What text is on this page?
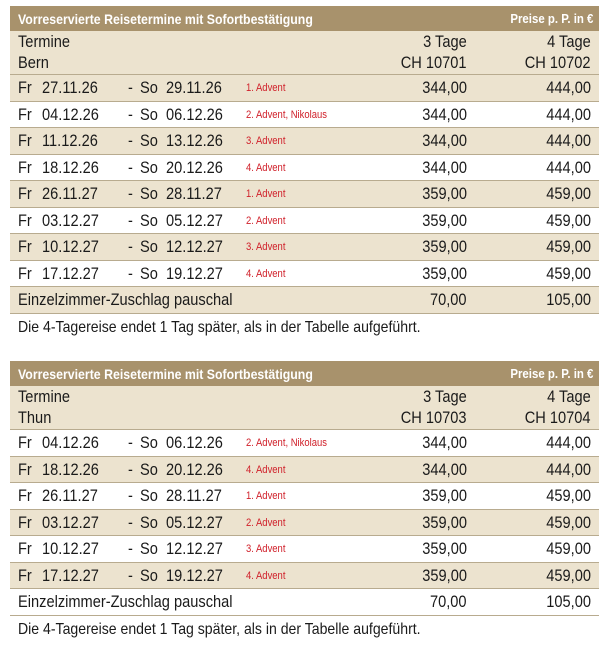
Vorreservierte Reisetermine mit Sofortbestätigung	Preise p. P. in €
Termine	3 Tage	4 Tage
Bern	CH 10701	CH 10702
Fr 27.11.26 - So 29.11.26 1. Advent	344,00	444,00
Fr 04.12.26 - So 06.12.26 2. Advent, Nikolaus	344,00	444,00
Fr 11.12.26 - So 13.12.26 3. Advent	344,00	444,00
Fr 18.12.26 - So 20.12.26 4. Advent	344,00	444,00
Fr 26.11.27 - So 28.11.27 1. Advent	359,00	459,00
Fr 03.12.27 - So 05.12.27 2. Advent	359,00	459,00
Fr 10.12.27 - So 12.12.27 3. Advent	359,00	459,00
Fr 17.12.27 - So 19.12.27 4. Advent	359,00	459,00
Einzelzimmer-Zuschlag pauschal	70,00	105,00
Die 4-Tagereise endet 1 Tag später, als in der Tabelle aufgeführt.
Vorreservierte Reisetermine mit Sofortbestätigung	Preise p. P. in €
Termine	3 Tage	4 Tage
Thun	CH 10703	CH 10704
Fr 04.12.26 - So 06.12.26 2. Advent, Nikolaus	344,00	444,00
Fr 18.12.26 - So 20.12.26 4. Advent	344,00	444,00
Fr 26.11.27 - So 28.11.27 1. Advent	359,00	459,00
Fr 03.12.27 - So 05.12.27 2. Advent	359,00	459,00
Fr 10.12.27 - So 12.12.27 3. Advent	359,00	459,00
Fr 17.12.27 - So 19.12.27 4. Advent	359,00	459,00
Einzelzimmer-Zuschlag pauschal	70,00	105,00
Die 4-Tagereise endet 1 Tag später, als in der Tabelle aufgeführt.
